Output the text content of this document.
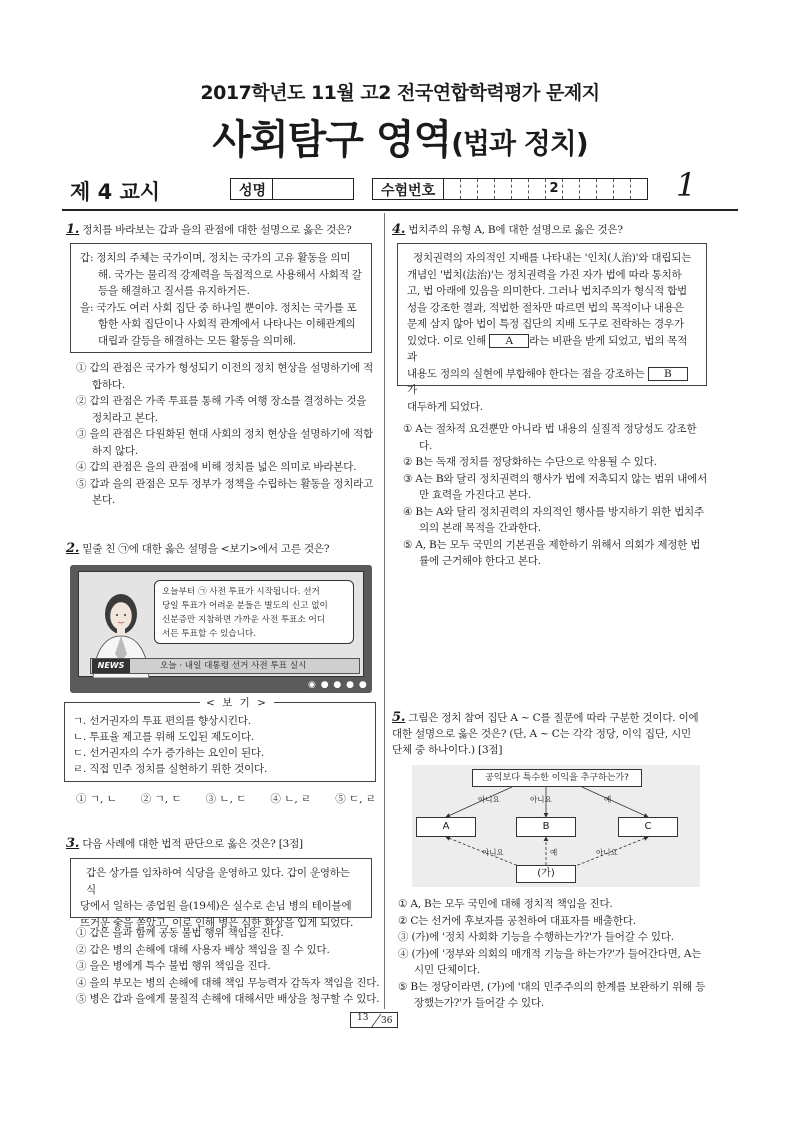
2017학년도 11월 고2 전국연합학력평가 문제지
사회탐구 영역(법과 정치)
제 4 교시	성명	수험번호	2	1
1. 정치를 바라보는 갑과 을의 관점에 대한 설명으로 옳은 것은?
갑: 정치의 주체는 국가이며, 정치는 국가의 고유 활동을 의미
해. 국가는 물리적 강제력을 독점적으로 사용해서 사회적 갈
등을 해결하고 질서를 유지하거든.
을: 국가도 여러 사회 집단 중 하나일 뿐이야. 정치는 국가를 포
함한 사회 집단이나 사회적 관계에서 나타나는 이해관계의
대립과 갈등을 해결하는 모든 활동을 의미해.
① 갑의 관점은 국가가 형성되기 이전의 정치 현상을 설명하기에 적합하다.
② 갑의 관점은 가족 투표를 통해 가족 여행 장소를 결정하는 것을 정치라고 본다.
③ 을의 관점은 다원화된 현대 사회의 정치 현상을 설명하기에 적합하지 않다.
④ 갑의 관점은 을의 관점에 비해 정치를 넓은 의미로 바라본다.
⑤ 갑과 을의 관점은 모두 정부가 정책을 수립하는 활동을 정치라고 본다.
2. 밑줄 친 ㉠에 대한 옳은 설명을 <보기>에서 고른 것은?
오늘부터 ㉠ 사전 투표가 시작됩니다. 선거
당일 투표가 어려운 분들은 별도의 신고 없이
신분증만 지참하면 가까운 사전 투표소 어디
서든 투표할 수 있습니다.
NEWS	오늘 · 내일 대통령 선거 사전 투표 실시
◉ ● ● ● ●
ㄱ. 선거권자의 투표 편의를 향상시킨다.
ㄴ. 투표율 제고를 위해 도입된 제도이다.
ㄷ. 선거권자의 수가 증가하는 요인이 된다.
ㄹ. 직접 민주 정치를 실현하기 위한 것이다.
< 보 기 >
① ㄱ, ㄴ ② ㄱ, ㄷ ③ ㄴ, ㄷ ④ ㄴ, ㄹ ⑤ ㄷ, ㄹ
3. 다음 사례에 대한 법적 판단으로 옳은 것은? [3점]
갑은 상가를 임차하여 식당을 운영하고 있다. 갑이 운영하는 식
당에서 일하는 종업원 을(19세)은 실수로 손님 병의 테이블에
뜨거운 숯을 쏟았고, 이로 인해 병은 심한 화상을 입게 되었다.
① 갑은 을과 함께 공동 불법 행위 책임을 진다.
② 갑은 병의 손해에 대해 사용자 배상 책임을 질 수 있다.
③ 을은 병에게 특수 불법 행위 책임을 진다.
④ 을의 부모는 병의 손해에 대해 책임 무능력자 감독자 책임을 진다.
⑤ 병은 갑과 을에게 물질적 손해에 대해서만 배상을 청구할 수 있다.
4. 법치주의 유형 A, B에 대한 설명으로 옳은 것은?
정치권력의 자의적인 지배를 나타내는 '인치(人治)'와 대립되는
개념인 '법치(法治)'는 정치권력을 가진 자가 법에 따라 통치하
고, 법 아래에 있음을 의미한다. 그러나 법치주의가 형식적 합법
성을 강조한 결과, 적법한 절차만 따르면 법의 목적이나 내용은
문제 삼지 않아 법이 특정 집단의 지배 도구로 전락하는 경우가
있었다. 이로 인해 A 라는 비판을 받게 되었고, 법의 목적과
내용도 정의의 실현에 부합해야 한다는 점을 강조하는 B가
대두하게 되었다.
① A는 절차적 요건뿐만 아니라 법 내용의 실질적 정당성도 강조한다.
② B는 독재 정치를 정당화하는 수단으로 악용될 수 있다.
③ A는 B와 달리 정치권력의 행사가 법에 저촉되지 않는 범위 내에서만 효력을 가진다고 본다.
④ B는 A와 달리 정치권력의 자의적인 행사를 방지하기 위한 법치주의의 본래 목적을 간과한다.
⑤ A, B는 모두 국민의 기본권을 제한하기 위해서 의회가 제정한 법률에 근거해야 한다고 본다.
5. 그림은 정치 참여 집단 A ~ C를 질문에 따라 구분한 것이다. 이에
대한 설명으로 옳은 것은? (단, A ~ C는 각각 정당, 이익 집단, 시민
단체 중 하나이다.) [3점]
공익보다 특수한 이익을 추구하는가?
A	B	C
(가)
아니요	아니요	예
아니요	예	아니요
① A, B는 모두 국민에 대해 정치적 책임을 진다.
② C는 선거에 후보자를 공천하여 대표자를 배출한다.
③ (가)에 '정치 사회화 기능을 수행하는가?'가 들어갈 수 있다.
④ (가)에 '정부와 의회의 매개적 기능을 하는가?'가 들어간다면, A는 시민 단체이다.
⑤ B는 정당이라면, (가)에 '대의 민주주의의 한계를 보완하기 위해 등장했는가?'가 들어갈 수 있다.
13 36
